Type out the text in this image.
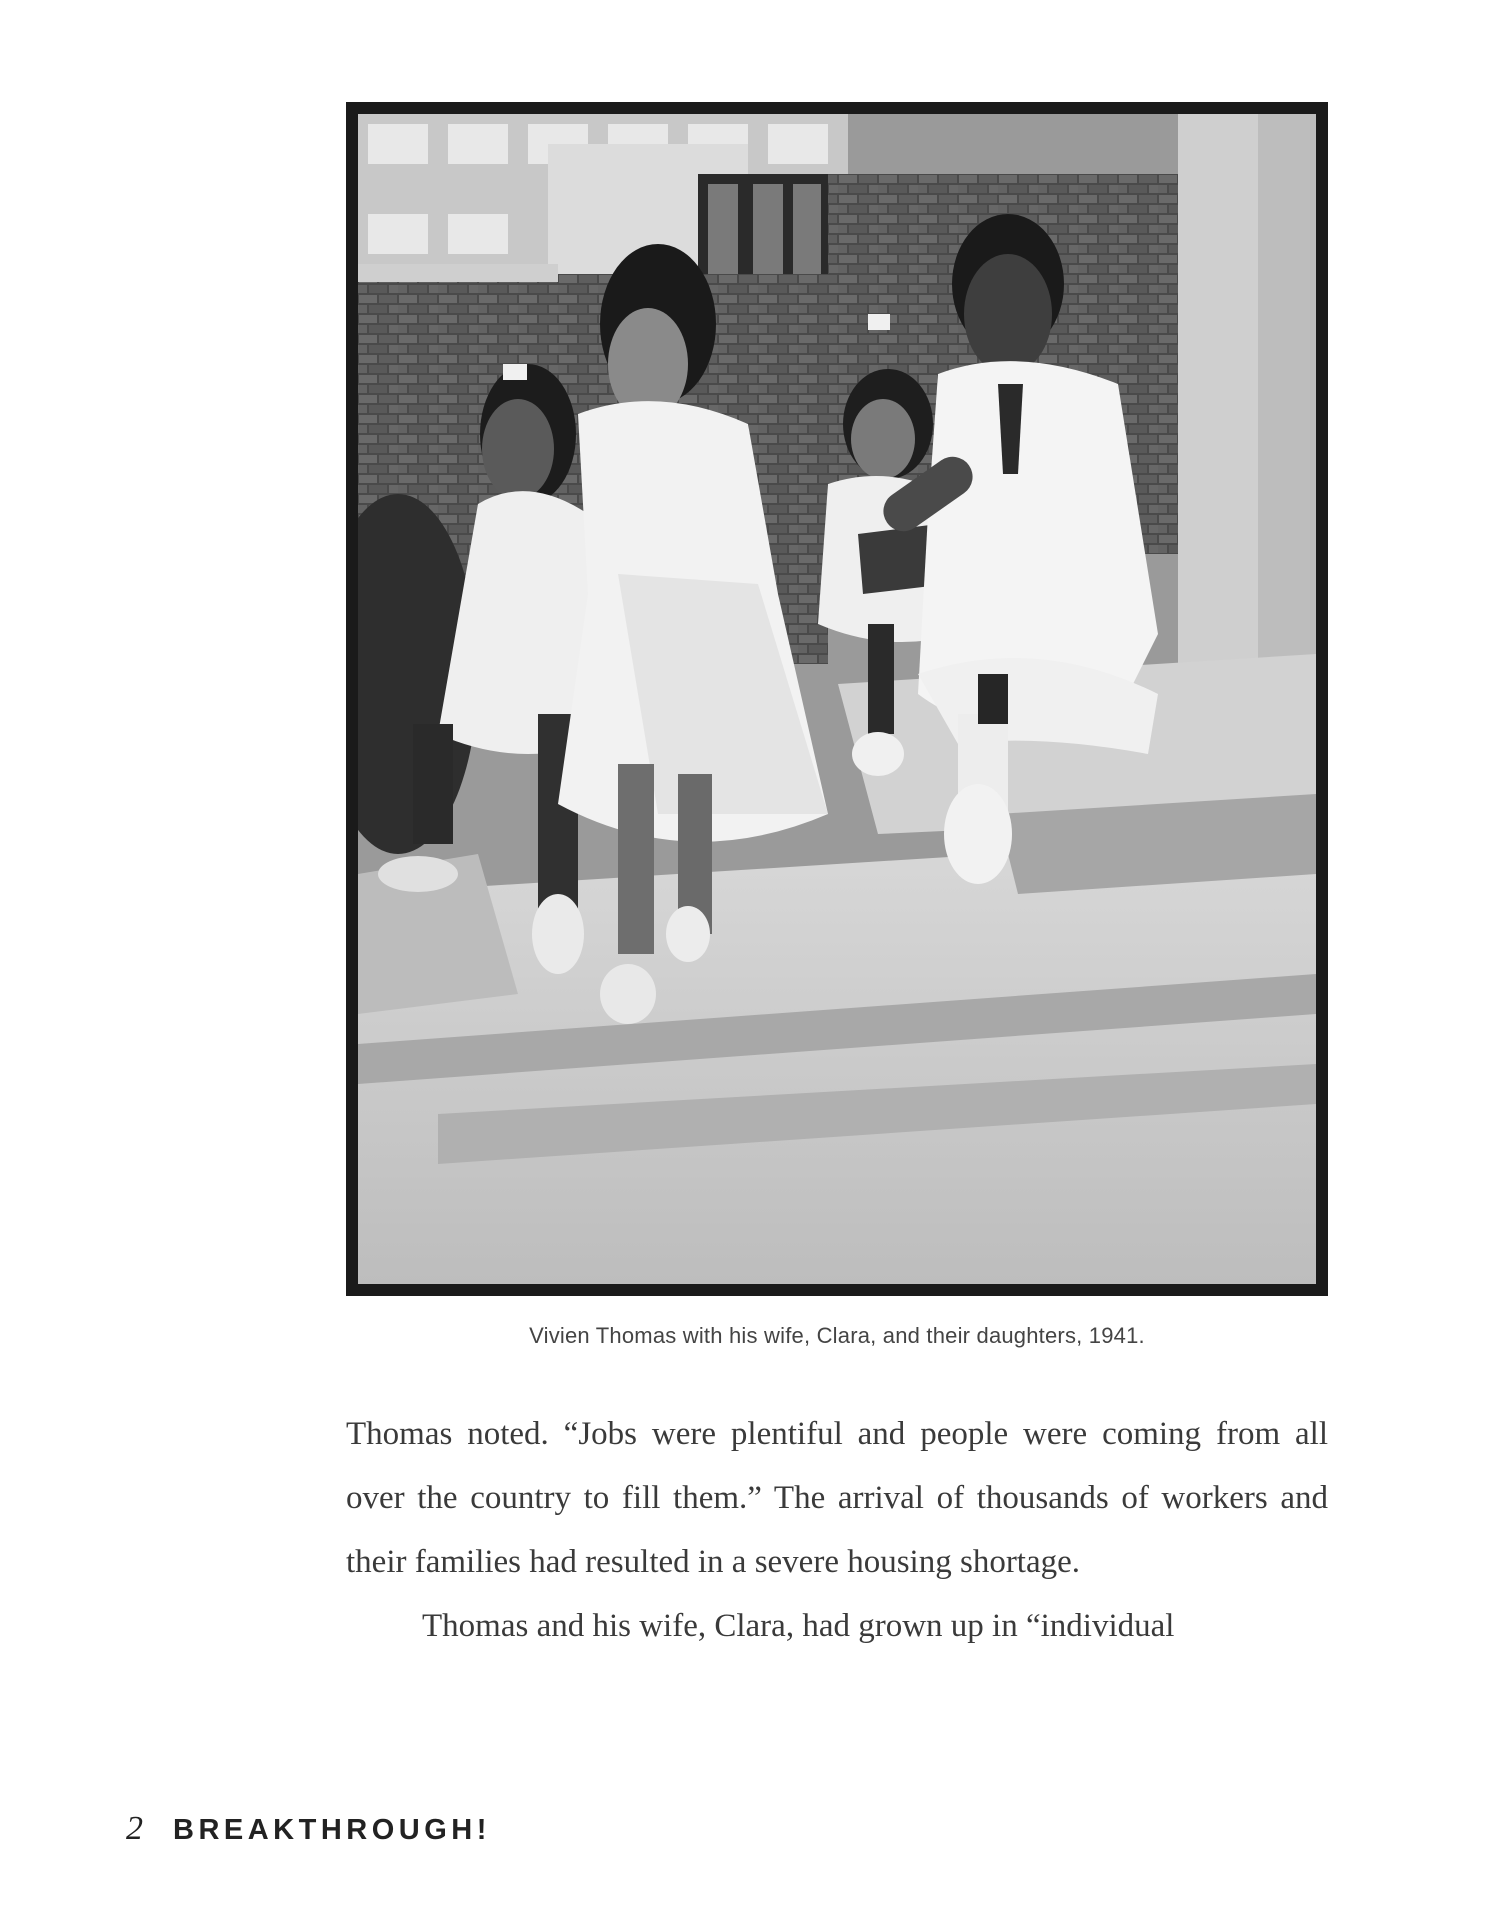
Vivien Thomas with his wife, Clara, and their daughters, 1941.

Thomas noted. “Jobs were plentiful and people were coming from all over the country to fill them.” The arrival of thousands of workers and their families had resulted in a severe housing shortage.

Thomas and his wife, Clara, had grown up in “individual

2 BREAKTHROUGH!
